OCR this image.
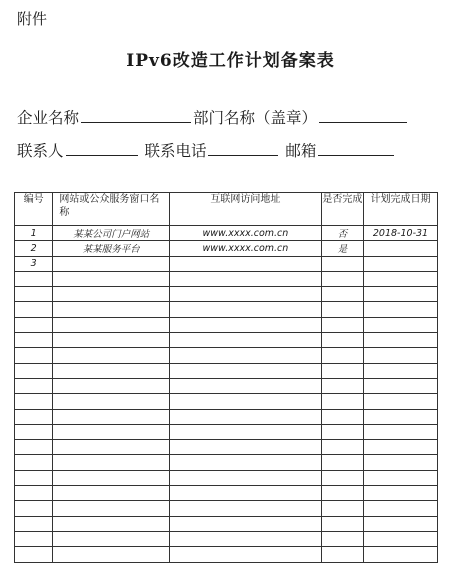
附件
IPv6改造工作计划备案表
企业名称	部门名称（盖章）
联系人	联系电话	邮箱
编号	网站或公众服务窗口名称	互联网访问地址	是否完成	计划完成日期
1	某某公司门户网站	www.xxxx.com.cn	否	2018-10-31
2	某某服务平台	www.xxxx.com.cn	是	
3				
